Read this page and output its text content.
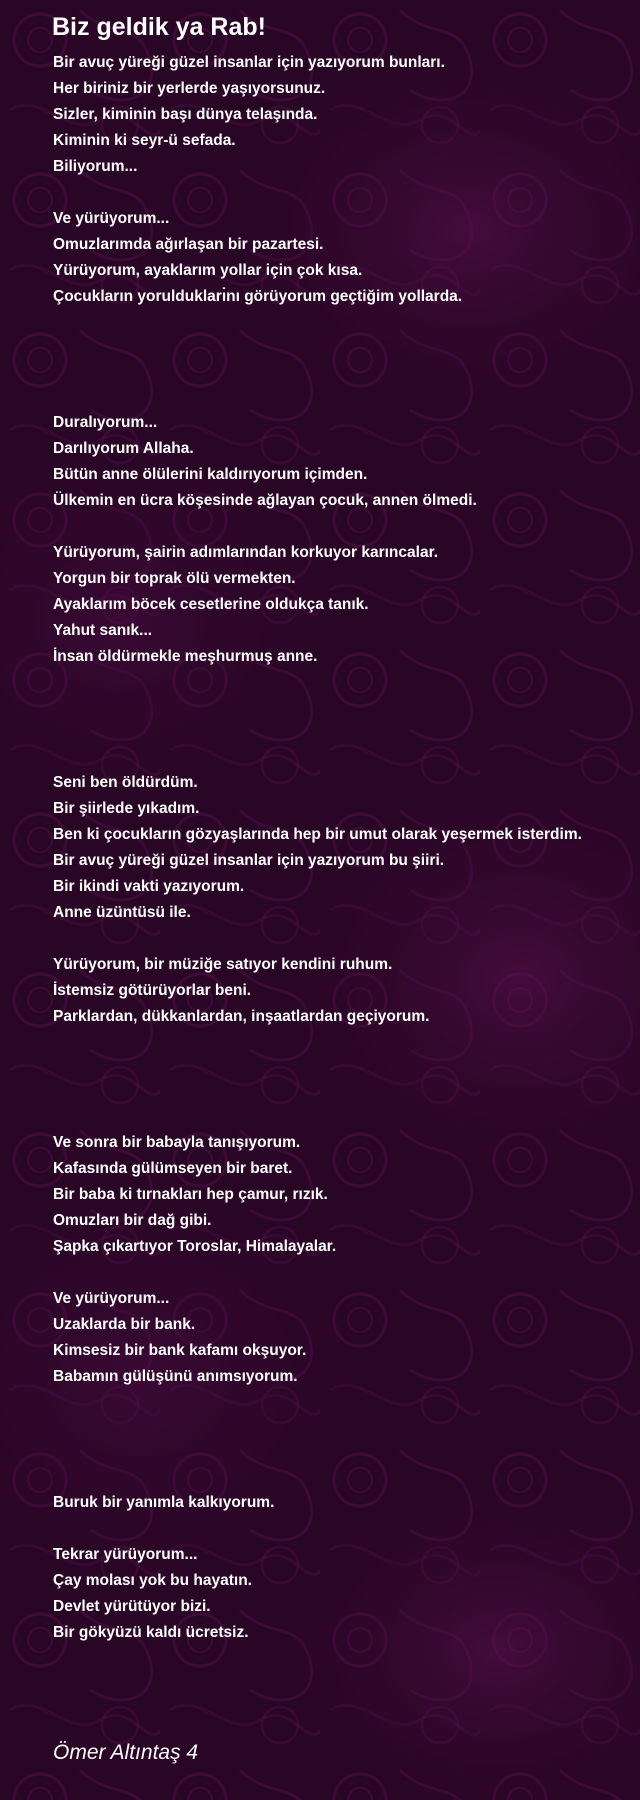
Biz geldik ya Rab!
Bir avuç yüreği güzel insanlar için yazıyorum bunları.
Her biriniz bir yerlerde yaşıyorsunuz.
Sizler, kiminin başı dünya telaşında.
Kiminin ki seyr-ü sefada.
Biliyorum...
Ve yürüyorum...
Omuzlarımda ağırlaşan bir pazartesi.
Yürüyorum, ayaklarım yollar için çok kısa.
Çocukların yoruldukları̇nı görüyorum geçtiğim yollarda.
Duralıyorum...
Darılıyorum Allaha.
Bütün anne ölülerini kaldırıyorum içimden.
Ülkemin en ücra köşesinde ağlayan çocuk, annen ölmedi.
Yürüyorum, şairin adımlarından korkuyor karıncalar.
Yorgun bir toprak ölü vermekten.
Ayaklarım böcek cesetlerine oldukça tanık.
Yahut sanık...
İnsan öldürmekle meşhurmuş anne.
Seni ben öldürdüm.
Bir şiirlede yıkadım.
Ben ki çocukların gözyaşlarında hep bir umut olarak yeşermek isterdim.
Bir avuç yüreği güzel insanlar için yazıyorum bu şiiri.
Bir ikindi vakti yazıyorum.
Anne üzüntüsü ile.
Yürüyorum, bir müziğe satıyor kendini ruhum.
İstemsiz götürüyorlar beni.
Parklardan, dükkanlardan, inşaatlardan geçiyorum.
Ve sonra bir babayla tanışıyorum.
Kafasında gülümseyen bir baret.
Bir baba ki tırnakları hep çamur, rızık.
Omuzları bir dağ gibi.
Şapka çıkartıyor Toroslar, Himalayalar.
Ve yürüyorum...
Uzaklarda bir bank.
Kimsesiz bir bank kafamı okşuyor.
Babamın gülüşünü anımsıyorum.
Buruk bir yanımla kalkıyorum.
Tekrar yürüyorum...
Çay molası yok bu hayatın.
Devlet yürütüyor bizi.
Bir gökyüzü kaldı ücretsiz.
Ömer Altıntaş 4
